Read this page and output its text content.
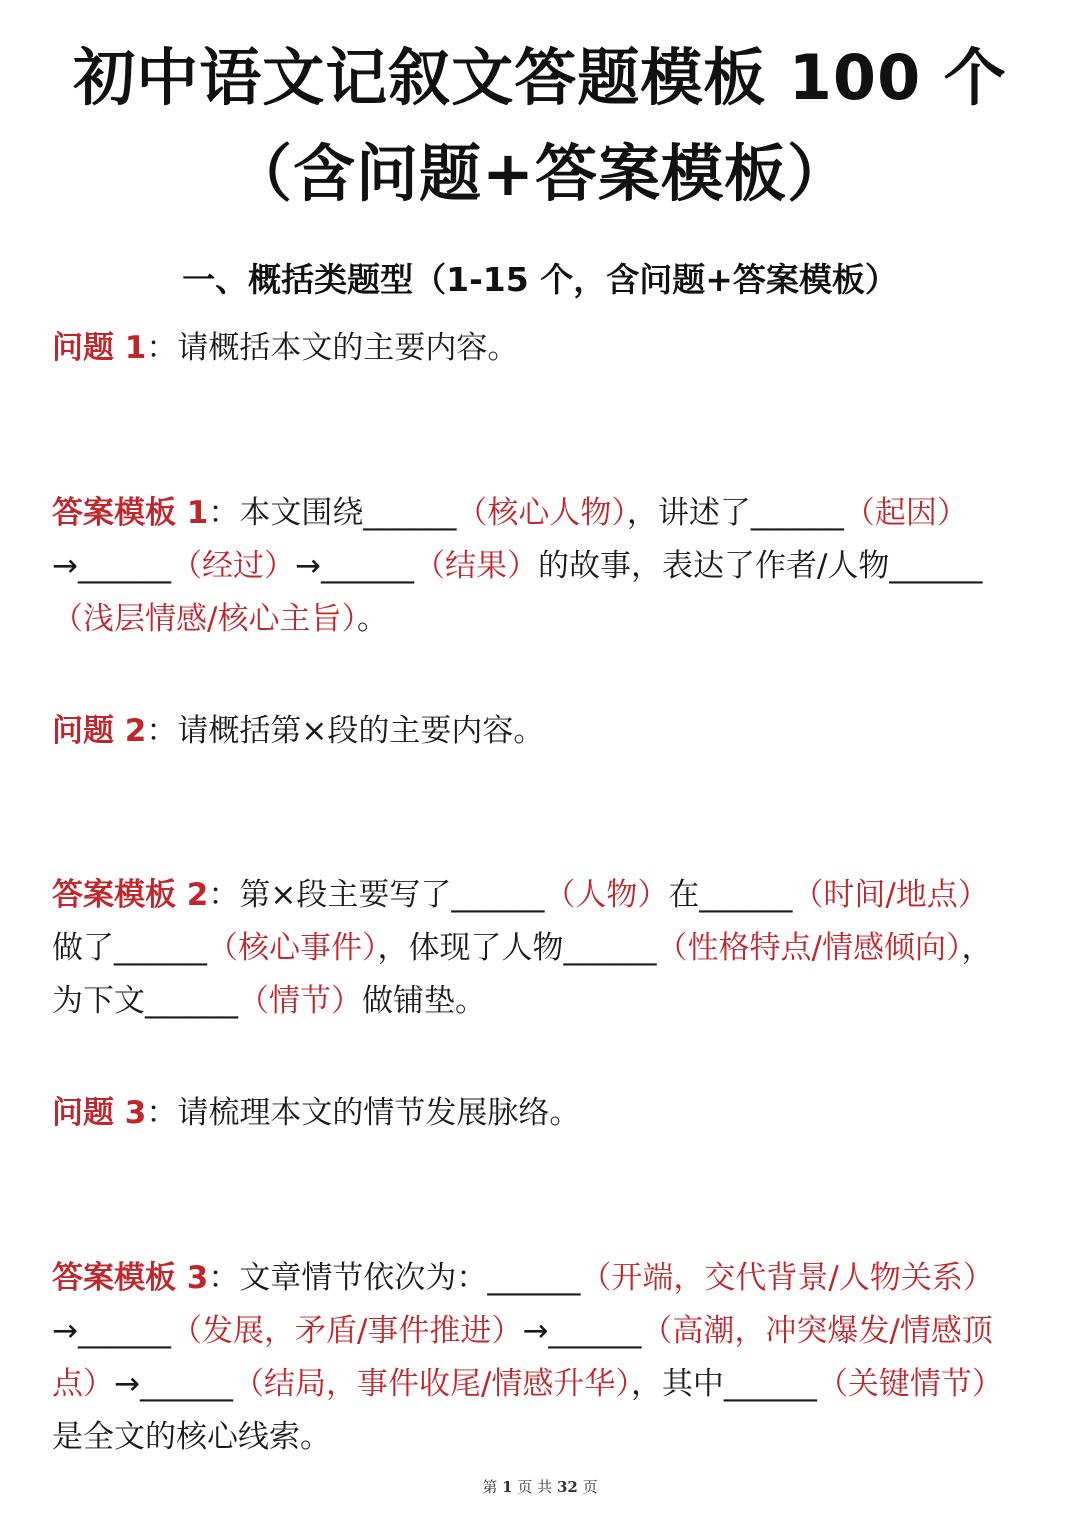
初中语文记叙文答题模板 100 个
（含问题+答案模板）
一、概括类题型（1-15 个，含问题+答案模板）
问题 1：请概括本文的主要内容。
答案模板 1：本文围绕______（核心人物），讲述了______（起因）→______（经过）→______（结果）的故事，表达了作者/人物______（浅层情感/核心主旨）。
问题 2：请概括第×段的主要内容。
答案模板 2：第×段主要写了______（人物）在______（时间/地点）做了______（核心事件），体现了人物______（性格特点/情感倾向），为下文______（情节）做铺垫。
问题 3：请梳理本文的情节发展脉络。
答案模板 3：文章情节依次为：______（开端，交代背景/人物关系）→______（发展，矛盾/事件推进）→______（高潮，冲突爆发/情感顶点）→______（结局，事件收尾/情感升华），其中______（关键情节）是全文的核心线索。
第 1 页 共 32 页
